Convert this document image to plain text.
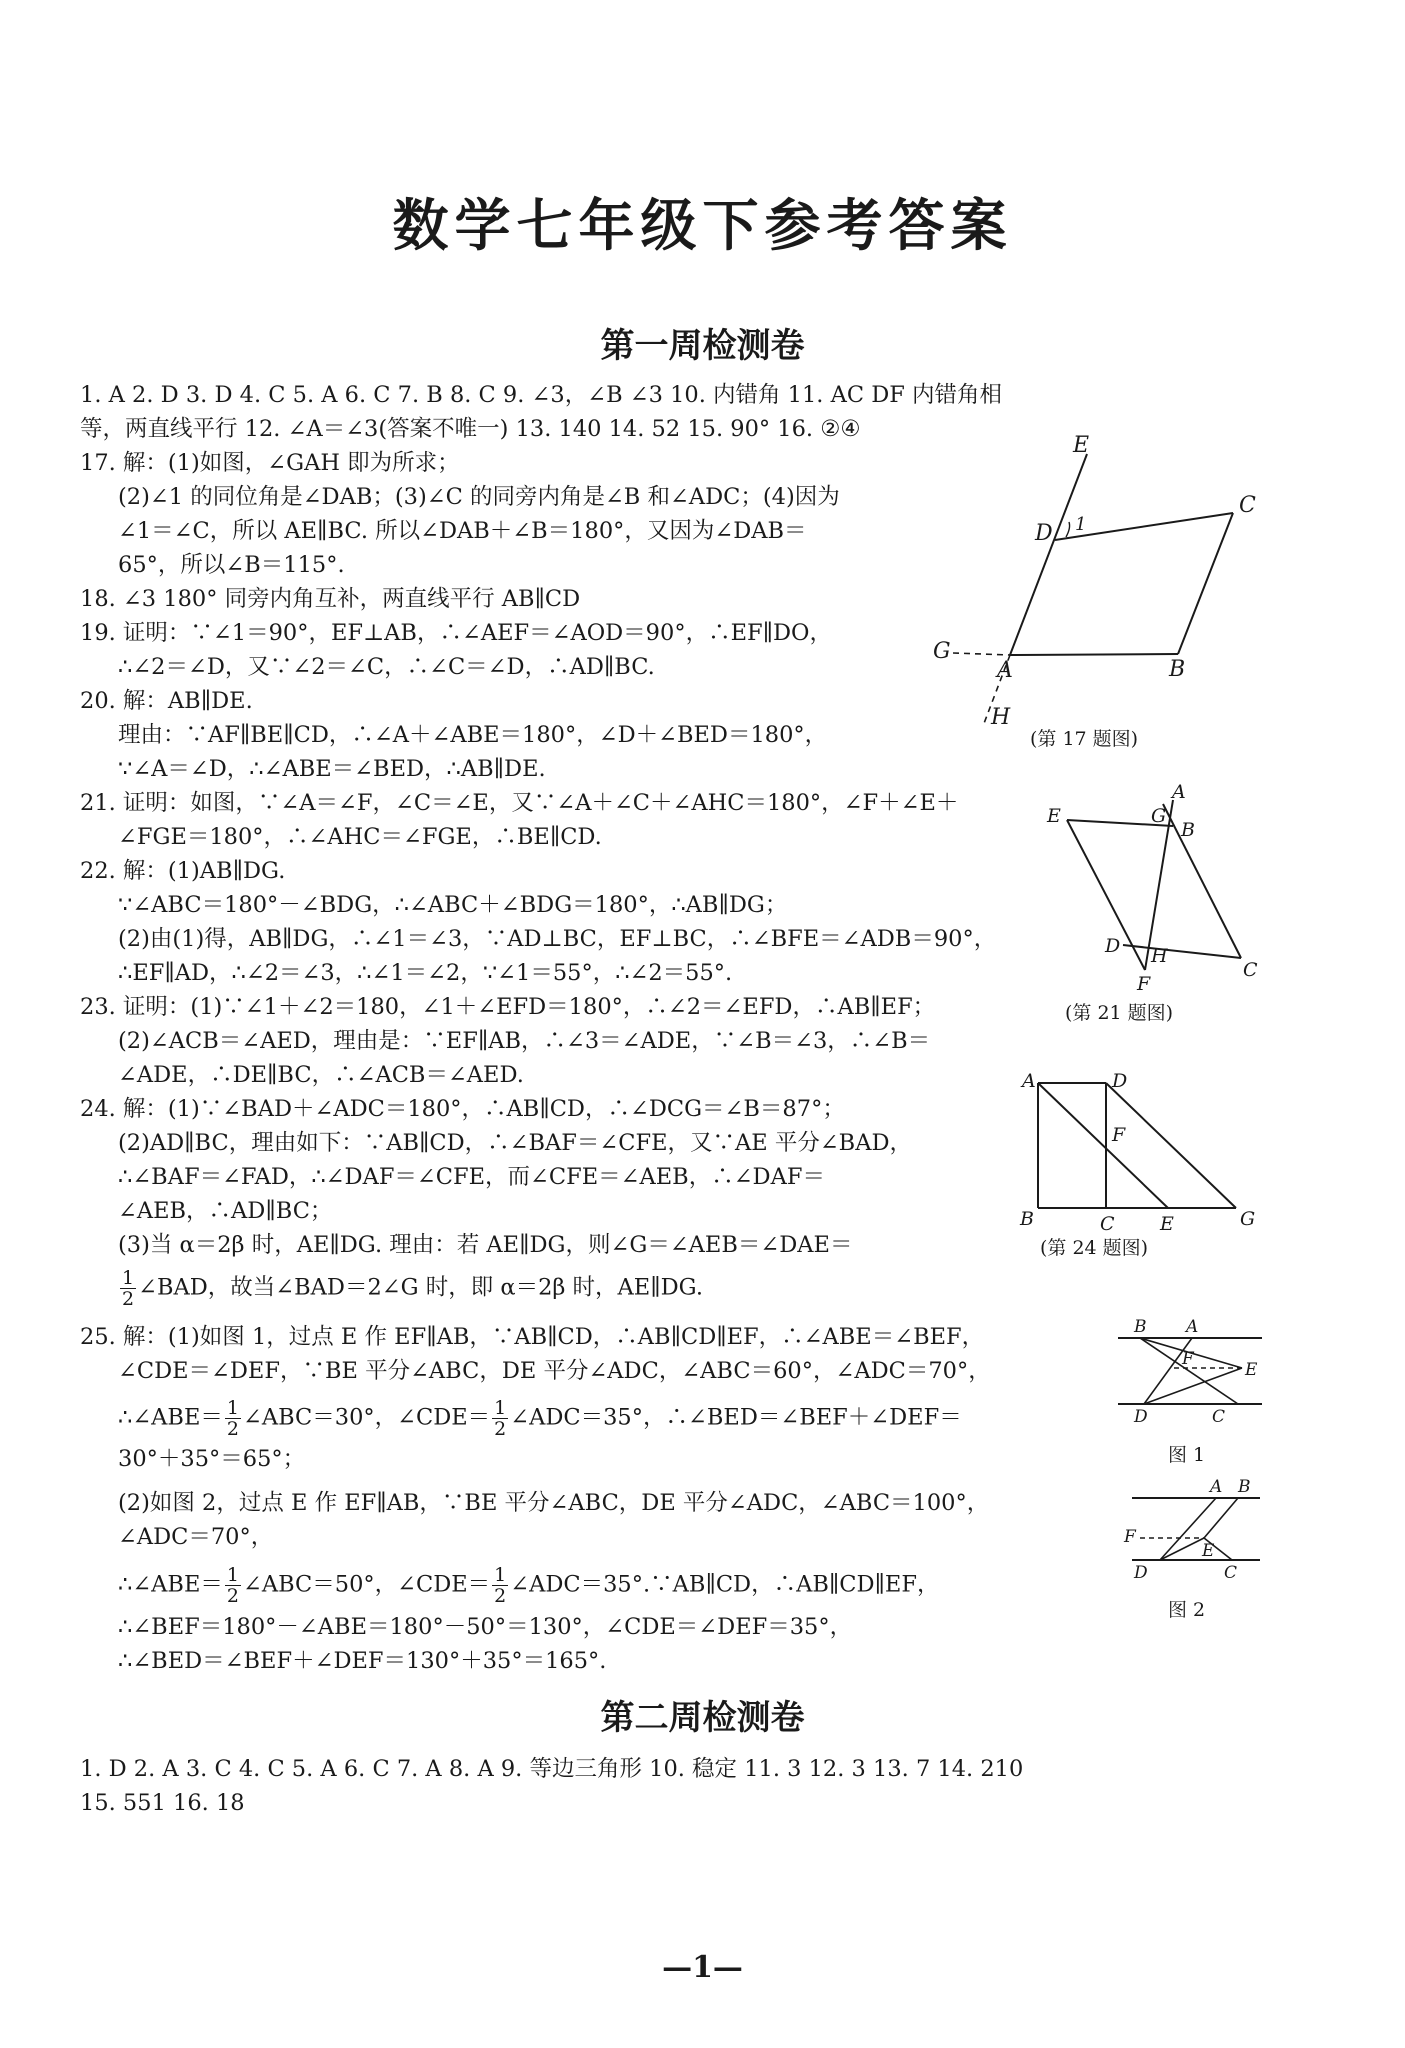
数学七年级下参考答案
第一周检测卷
1. A 2. D 3. D 4. C 5. A 6. C 7. B 8. C 9. ∠3，∠B ∠3 10. 内错角 11. AC DF 内错角相
等，两直线平行 12. ∠A＝∠3(答案不唯一) 13. 140 14. 52 15. 90° 16. ②④
17. 解：(1)如图，∠GAH 即为所求；
(2)∠1 的同位角是∠DAB；(3)∠C 的同旁内角是∠B 和∠ADC；(4)因为
∠1＝∠C，所以 AE∥BC. 所以∠DAB＋∠B＝180°，又因为∠DAB＝
65°，所以∠B＝115°.
18. ∠3 180° 同旁内角互补，两直线平行 AB∥CD
19. 证明：∵∠1＝90°，EF⊥AB，∴∠AEF＝∠AOD＝90°，∴EF∥DO，
∴∠2＝∠D，又∵∠2＝∠C，∴∠C＝∠D，∴AD∥BC.
20. 解：AB∥DE.
理由：∵AF∥BE∥CD，∴∠A＋∠ABE＝180°，∠D＋∠BED＝180°，
∵∠A＝∠D，∴∠ABE＝∠BED，∴AB∥DE.
21. 证明：如图，∵∠A＝∠F，∠C＝∠E，又∵∠A＋∠C＋∠AHC＝180°，∠F＋∠E＋
∠FGE＝180°，∴∠AHC＝∠FGE，∴BE∥CD.
22. 解：(1)AB∥DG.
∵∠ABC＝180°－∠BDG，∴∠ABC＋∠BDG＝180°，∴AB∥DG；
(2)由(1)得，AB∥DG，∴∠1＝∠3，∵AD⊥BC，EF⊥BC，∴∠BFE＝∠ADB＝90°，
∴EF∥AD，∴∠2＝∠3，∴∠1＝∠2，∵∠1＝55°，∴∠2＝55°.
23. 证明：(1)∵∠1＋∠2＝180，∠1＋∠EFD＝180°，∴∠2＝∠EFD，∴AB∥EF；
(2)∠ACB＝∠AED，理由是：∵EF∥AB，∴∠3＝∠ADE，∵∠B＝∠3，∴∠B＝
∠ADE，∴DE∥BC，∴∠ACB＝∠AED.
24. 解：(1)∵∠BAD＋∠ADC＝180°，∴AB∥CD，∴∠DCG＝∠B＝87°；
(2)AD∥BC，理由如下：∵AB∥CD，∴∠BAF＝∠CFE，又∵AE 平分∠BAD，
∴∠BAF＝∠FAD，∴∠DAF＝∠CFE，而∠CFE＝∠AEB，∴∠DAF＝
∠AEB，∴AD∥BC；
(3)当 α＝2β 时，AE∥DG. 理由：若 AE∥DG，则∠G＝∠AEB＝∠DAE＝
$\frac{1}{2}$ ∠BAD，故当∠BAD＝2∠G 时，即 α＝2β 时，AE∥DG.
25. 解：(1)如图 1，过点 E 作 EF∥AB，∵AB∥CD，∴AB∥CD∥EF，∴∠ABE＝∠BEF，
∠CDE＝∠DEF，∵BE 平分∠ABC，DE 平分∠ADC，∠ABC＝60°，∠ADC＝70°，
∴∠ABE＝ $\frac{1}{2}$ ∠ABC＝30°，∠CDE＝ $\frac{1}{2}$ ∠ADC＝35°，∴∠BED＝∠BEF＋∠DEF＝
30°＋35°＝65°；
(2)如图 2，过点 E 作 EF∥AB，∵BE 平分∠ABC，DE 平分∠ADC，∠ABC＝100°，
∠ADC＝70°，
∴∠ABE＝ $\frac{1}{2}$ ∠ABC＝50°，∠CDE＝ $\frac{1}{2}$ ∠ADC＝35°.∵AB∥CD，∴AB∥CD∥EF，
∴∠BEF＝180°－∠ABE＝180°－50°＝130°，∠CDE＝∠DEF＝35°，
∴∠BED＝∠BEF＋∠DEF＝130°＋35°＝165°.
E
D 1
C
G
A	B
H
(第 17 题图)
A
E	G
B
D H
C
F
(第 21 题图)
A	D
F
B	C E	G
(第 24 题图)
B A
F
E
D	C
图 1
A B
F
E
D	C
图 2
第二周检测卷
1. D 2. A 3. C 4. C 5. A 6. C 7. A 8. A 9. 等边三角形 10. 稳定 11. 3 12. 3 13. 7 14. 210
15. 551 16. 18
—1—
